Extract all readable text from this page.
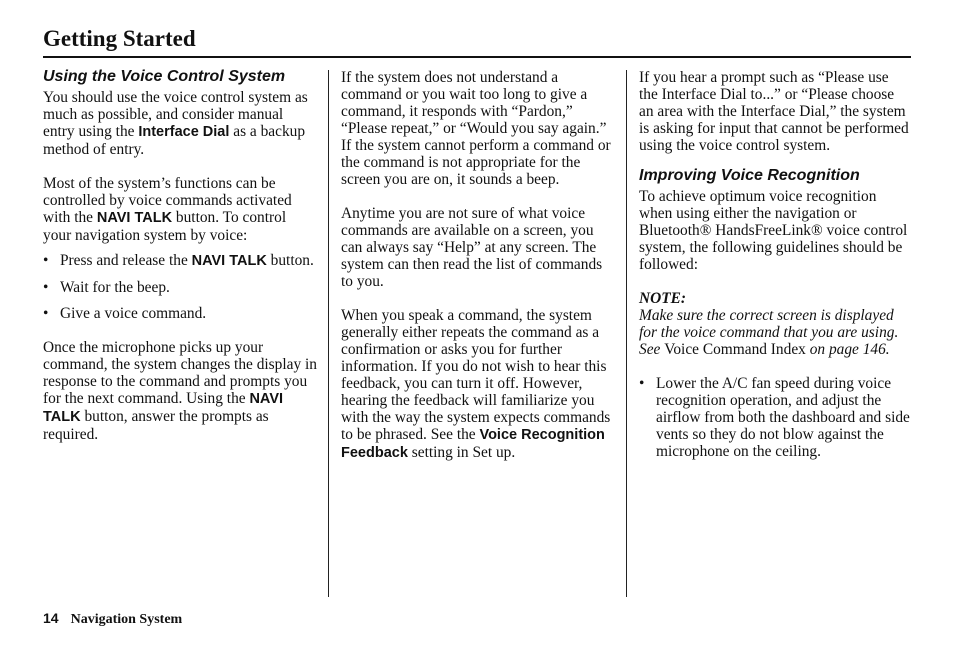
Getting Started
Using the Voice Control System

You should use the voice control system as much as possible, and consider manual entry using the Interface Dial as a backup method of entry.

Most of the system’s functions can be controlled by voice commands activated with the NAVI TALK button. To control your navigation system by voice:

• Press and release the NAVI TALK button.
• Wait for the beep.
• Give a voice command.

Once the microphone picks up your command, the system changes the display in response to the command and prompts you for the next command. Using the NAVI TALK button, answer the prompts as required.

If the system does not understand a command or you wait too long to give a command, it responds with “Pardon,” “Please repeat,” or “Would you say again.” If the system cannot perform a command or the command is not appropriate for the screen you are on, it sounds a beep.

Anytime you are not sure of what voice commands are available on a screen, you can always say “Help” at any screen. The system can then read the list of commands to you.

When you speak a command, the system generally either repeats the command as a confirmation or asks you for further information. If you do not wish to hear this feedback, you can turn it off. However, hearing the feedback will familiarize you with the way the system expects commands to be phrased. See the Voice Recognition Feedback setting in Set up.

If you hear a prompt such as “Please use the Interface Dial to...” or “Please choose an area with the Interface Dial,” the system is asking for input that cannot be performed using the voice control system.

Improving Voice Recognition

To achieve optimum voice recognition when using either the navigation or Bluetooth® HandsFreeLink® voice control system, the following guidelines should be followed:

NOTE:

Make sure the correct screen is displayed for the voice command that you are using. See Voice Command Index on page 146.

• Lower the A/C fan speed during voice recognition operation, and adjust the airflow from both the dashboard and side vents so they do not blow against the microphone on the ceiling.
14 Navigation System
